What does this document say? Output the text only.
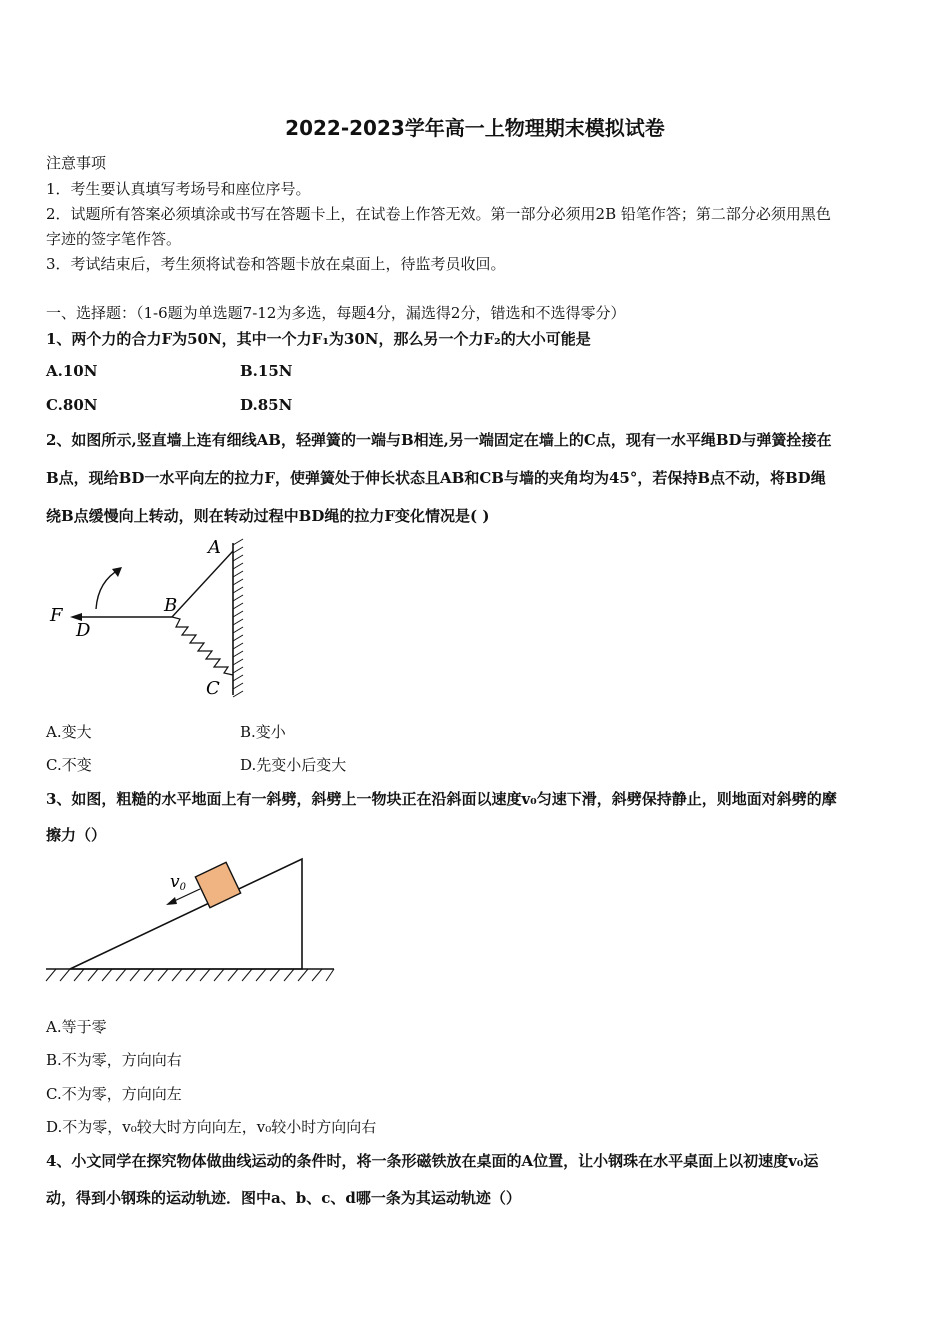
2022-2023学年高一上物理期末模拟试卷
注意事项
1．考生要认真填写考场号和座位序号。
2．试题所有答案必须填涂或书写在答题卡上，在试卷上作答无效。第一部分必须用2B 铅笔作答；第二部分必须用黑色
字迹的签字笔作答。
3．考试结束后，考生须将试卷和答题卡放在桌面上，待监考员收回。
一、选择题：（1-6题为单选题7-12为多选，每题4分，漏选得2分，错选和不选得零分）
1、两个力的合力F为50N，其中一个力F₁为30N，那么另一个力F₂的大小可能是
A.10N	B.15N
C.80N	D.85N
2、如图所示,竖直墙上连有细线AB，轻弹簧的一端与B相连,另一端固定在墙上的C点，现有一水平绳BD与弹簧拴接在
B点，现给BD一水平向左的拉力F，使弹簧处于伸长状态且AB和CB与墙的夹角均为45°，若保持B点不动，将BD绳
绕B点缓慢向上转动，则在转动过程中BD绳的拉力F变化情况是( )
A
B
C
D
F
A.变大	B.变小
C.不变	D.先变小后变大
3、如图，粗糙的水平地面上有一斜劈，斜劈上一物块正在沿斜面以速度v₀匀速下滑，斜劈保持静止，则地面对斜劈的摩
擦力（）
v0
A.等于零
B.不为零，方向向右
C.不为零，方向向左
D.不为零，v₀较大时方向向左，v₀较小时方向向右
4、小文同学在探究物体做曲线运动的条件时，将一条形磁铁放在桌面的A位置，让小钢珠在水平桌面上以初速度v₀运
动，得到小钢珠的运动轨迹．图中a、b、c、d哪一条为其运动轨迹（）
